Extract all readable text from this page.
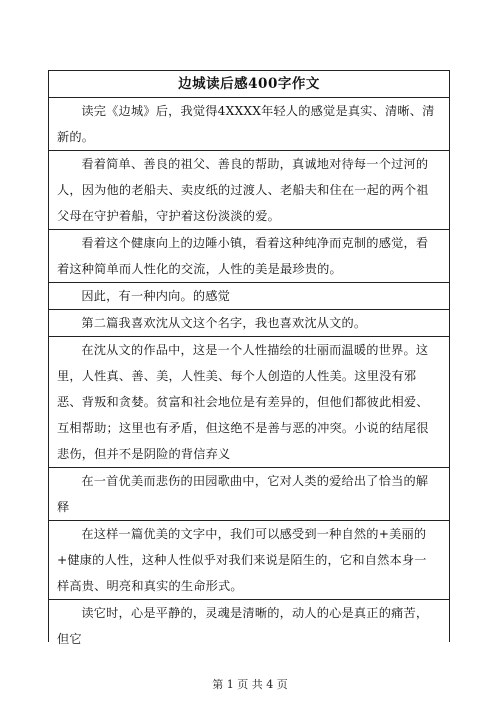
边城读后感400字作文
读完《边城》后，我觉得4XXXX年轻人的感觉是真实、清晰、清新的。
看着简单、善良的祖父、善良的帮助，真诚地对待每一个过河的人，因为他的老船夫、卖皮纸的过渡人、老船夫和住在一起的两个祖父母在守护着船，守护着这份淡淡的爱。
看着这个健康向上的边陲小镇，看着这种纯净而克制的感觉，看着这种简单而人性化的交流，人性的美是最珍贵的。
因此，有一种内向。的感觉
第二篇我喜欢沈从文这个名字，我也喜欢沈从文的。
在沈从文的作品中，这是一个人性描绘的壮丽而温暖的世界。这里，人性真、善、美，人性美、每个人创造的人性美。这里没有邪恶、背叛和贪婪。贫富和社会地位是有差异的，但他们都彼此相爱、互相帮助；这里也有矛盾，但这绝不是善与恶的冲突。小说的结尾很悲伤，但并不是阴险的背信弃义
在一首优美而悲伤的田园歌曲中，它对人类的爱给出了恰当的解释
在这样一篇优美的文字中，我们可以感受到一种自然的+美丽的+健康的人性，这种人性似乎对我们来说是陌生的，它和自然本身一样高贵、明亮和真实的生命形式。
读它时，心是平静的，灵魂是清晰的，动人的心是真正的痛苦，但它
第 1 页 共 4 页
